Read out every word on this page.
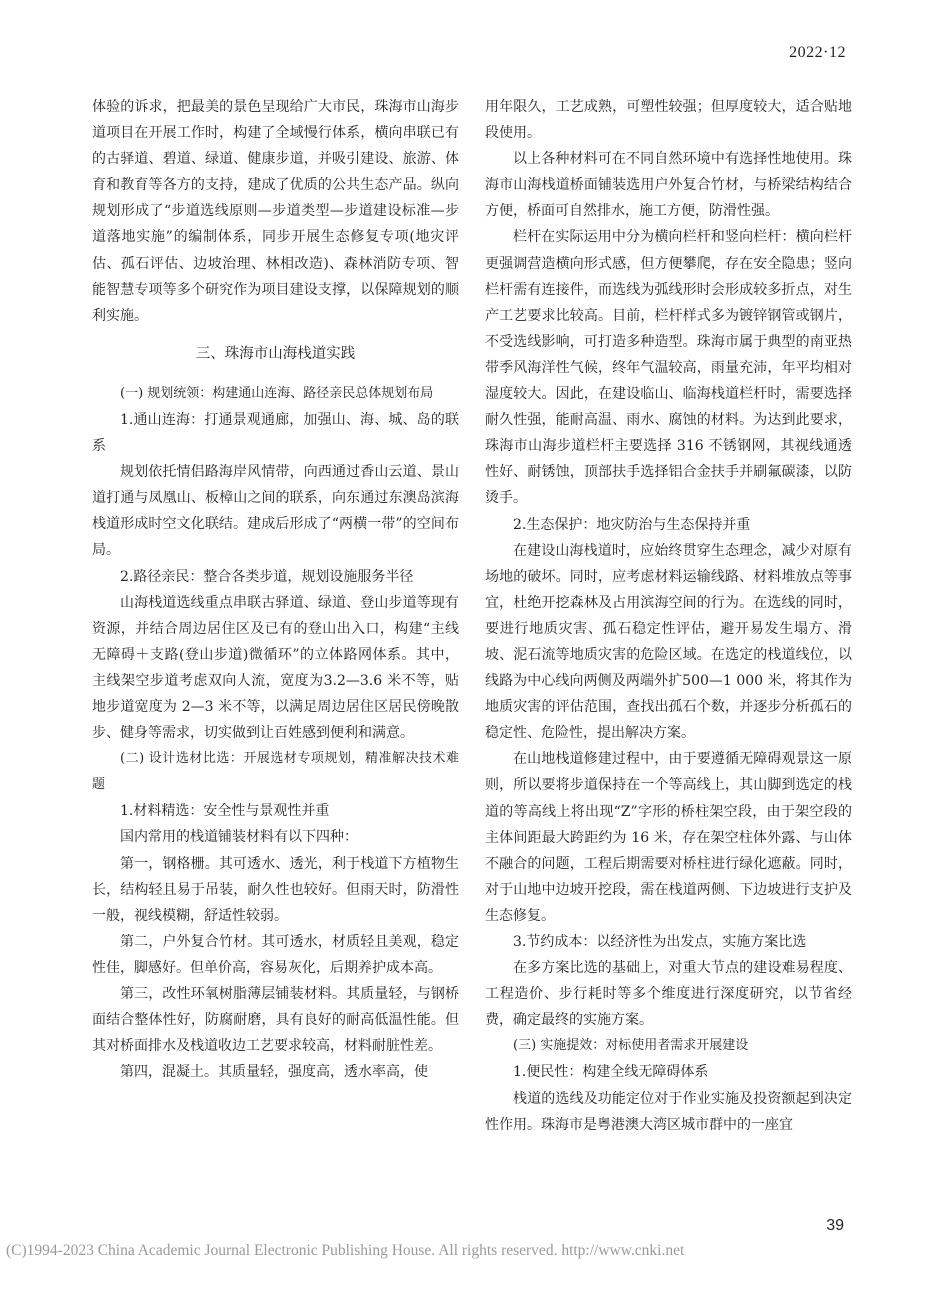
2022·12

体验的诉求，把最美的景色呈现给广大市民，珠海市山海步道项目在开展工作时，构建了全域慢行体系，横向串联已有的古驿道、碧道、绿道、健康步道，并吸引建设、旅游、体育和教育等各方的支持，建成了优质的公共生态产品。纵向规划形成了“步道选线原则—步道类型—步道建设标准—步道落地实施”的编制体系，同步开展生态修复专项(地灾评估、孤石评估、边坡治理、林相改造)、森林消防专项、智能智慧专项等多个研究作为项目建设支撑，以保障规划的顺利实施。

三、珠海市山海栈道实践

(一) 规划统领：构建通山连海、路径亲民总体规划布局

1.通山连海：打通景观通廊，加强山、海、城、岛的联系

规划依托情侣路海岸风情带，向西通过香山云道、景山道打通与凤凰山、板樟山之间的联系，向东通过东澳岛滨海栈道形成时空文化联结。建成后形成了“两横一带”的空间布局。

2.路径亲民：整合各类步道，规划设施服务半径

山海栈道选线重点串联古驿道、绿道、登山步道等现有资源，并结合周边居住区及已有的登山出入口，构建“主线无障碍＋支路(登山步道)微循环”的立体路网体系。其中，主线架空步道考虑双向人流，宽度为3.2—3.6 米不等，贴地步道宽度为 2—3 米不等，以满足周边居住区居民傍晚散步、健身等需求，切实做到让百姓感到便利和满意。

(二) 设计选材比选：开展选材专项规划，精准解决技术难题

1.材料精选：安全性与景观性并重

国内常用的栈道铺装材料有以下四种：

第一，钢格栅。其可透水、透光，利于栈道下方植物生长，结构轻且易于吊装，耐久性也较好。但雨天时，防滑性一般，视线模糊，舒适性较弱。

第二，户外复合竹材。其可透水，材质轻且美观，稳定性佳，脚感好。但单价高，容易灰化，后期养护成本高。

第三，改性环氧树脂薄层铺装材料。其质量轻，与钢桥面结合整体性好，防腐耐磨，具有良好的耐高低温性能。但其对桥面排水及栈道收边工艺要求较高，材料耐脏性差。

第四，混凝土。其质量轻，强度高，透水率高，使

用年限久，工艺成熟，可塑性较强；但厚度较大，适合贴地段使用。

以上各种材料可在不同自然环境中有选择性地使用。珠海市山海栈道桥面铺装选用户外复合竹材，与桥梁结构结合方便，桥面可自然排水，施工方便，防滑性强。

栏杆在实际运用中分为横向栏杆和竖向栏杆：横向栏杆更强调营造横向形式感，但方便攀爬，存在安全隐患；竖向栏杆需有连接件，而选线为弧线形时会形成较多折点，对生产工艺要求比较高。目前，栏杆样式多为镀锌钢管或钢片，不受选线影响，可打造多种造型。珠海市属于典型的南亚热带季风海洋性气候，终年气温较高，雨量充沛，年平均相对湿度较大。因此，在建设临山、临海栈道栏杆时，需要选择耐久性强，能耐高温、雨水、腐蚀的材料。为达到此要求，珠海市山海步道栏杆主要选择 316 不锈钢网，其视线通透性好、耐锈蚀，顶部扶手选择铝合金扶手并刷氟碳漆，以防烫手。

2.生态保护：地灾防治与生态保持并重

在建设山海栈道时，应始终贯穿生态理念，减少对原有场地的破坏。同时，应考虑材料运输线路、材料堆放点等事宜，杜绝开挖森林及占用滨海空间的行为。在选线的同时，要进行地质灾害、孤石稳定性评估，避开易发生塌方、滑坡、泥石流等地质灾害的危险区域。在选定的栈道线位，以线路为中心线向两侧及两端外扩500—1 000 米，将其作为地质灾害的评估范围，查找出孤石个数，并逐步分析孤石的稳定性、危险性，提出解决方案。

在山地栈道修建过程中，由于要遵循无障碍观景这一原则，所以要将步道保持在一个等高线上，其山脚到选定的栈道的等高线上将出现“Z”字形的桥柱架空段，由于架空段的主体间距最大跨距约为 16 米，存在架空柱体外露、与山体不融合的问题，工程后期需要对桥柱进行绿化遮蔽。同时，对于山地中边坡开挖段，需在栈道两侧、下边坡进行支护及生态修复。

3.节约成本：以经济性为出发点，实施方案比选

在多方案比选的基础上，对重大节点的建设难易程度、工程造价、步行耗时等多个维度进行深度研究，以节省经费，确定最终的实施方案。

(三) 实施提效：对标使用者需求开展建设

1.便民性：构建全线无障碍体系

栈道的选线及功能定位对于作业实施及投资额起到决定性作用。珠海市是粤港澳大湾区城市群中的一座宜

39
(C)1994-2023 China Academic Journal Electronic Publishing House. All rights reserved. http://www.cnki.net
